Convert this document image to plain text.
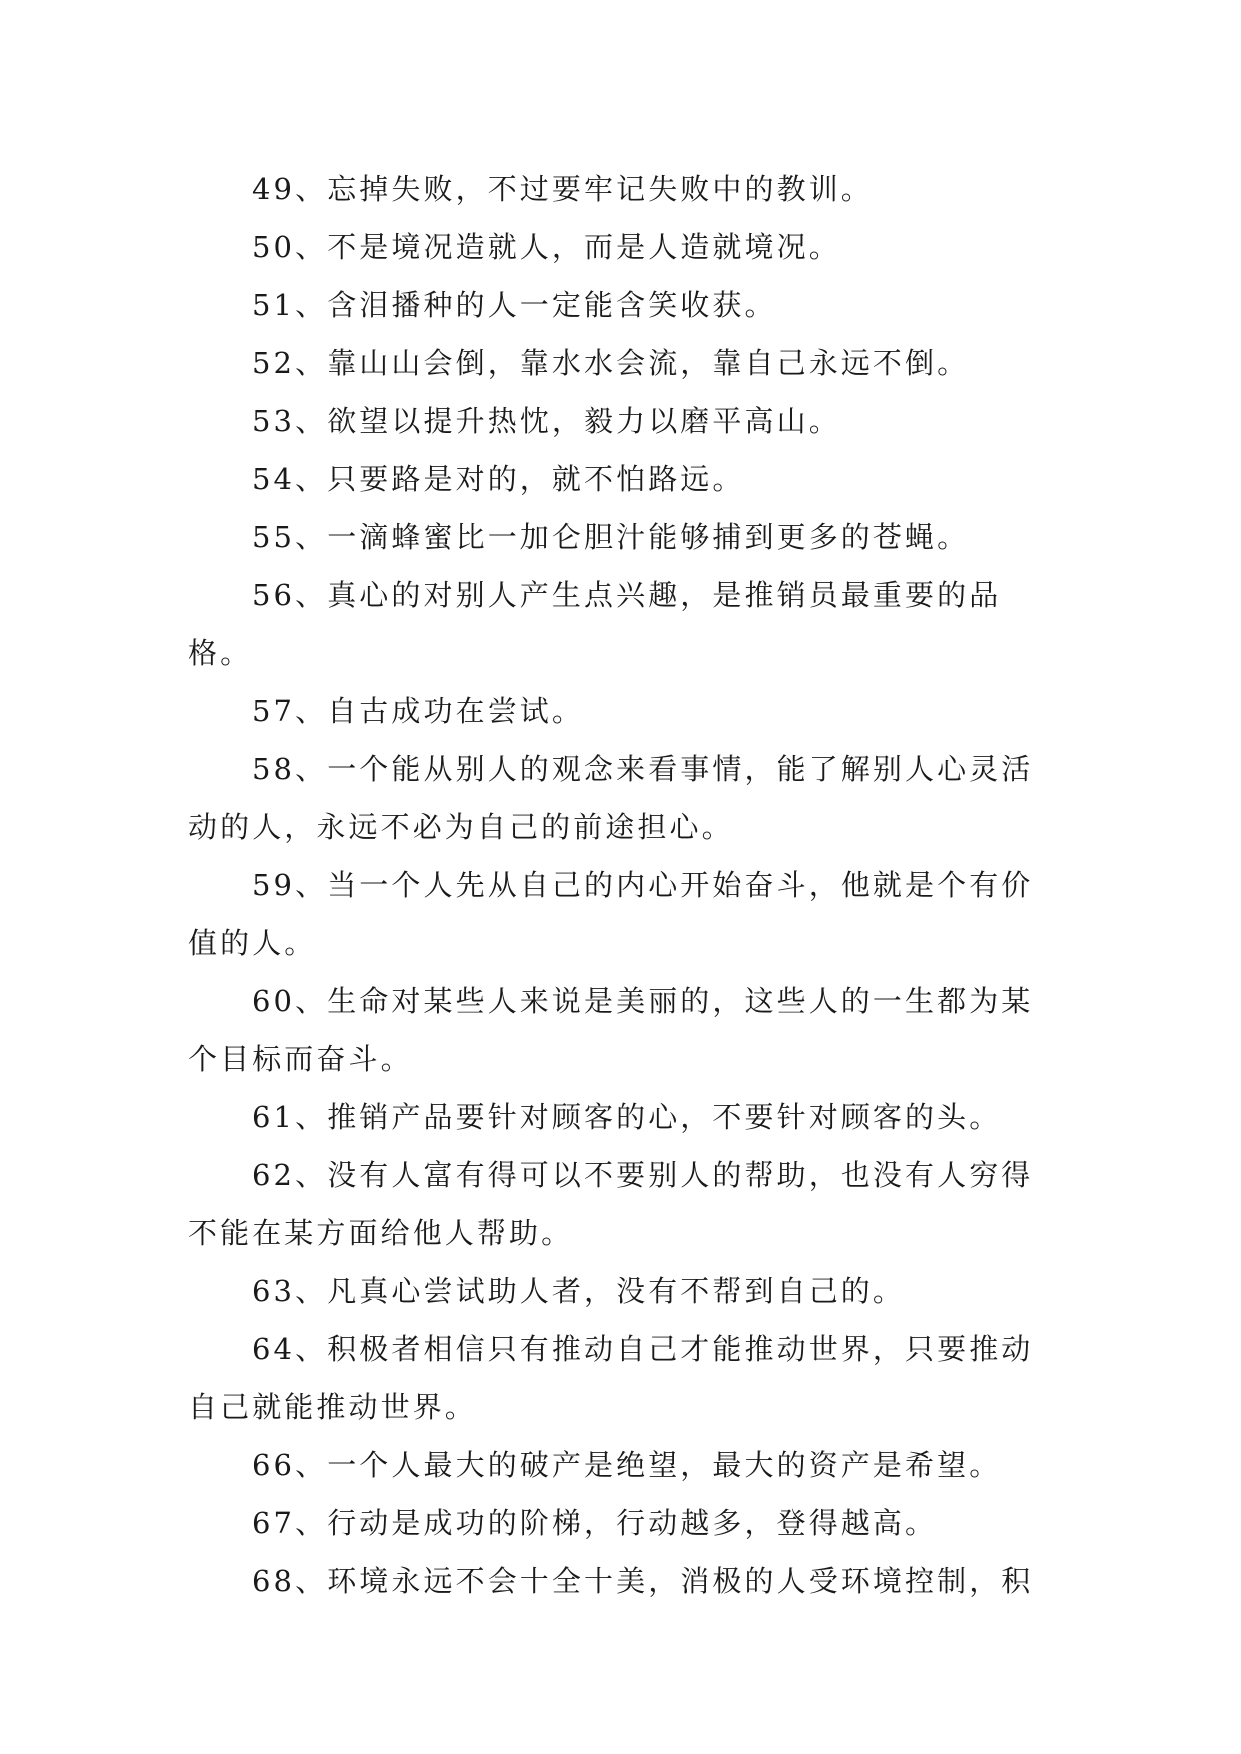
49、忘掉失败，不过要牢记失败中的教训。

50、不是境况造就人，而是人造就境况。

51、含泪播种的人一定能含笑收获。

52、靠山山会倒，靠水水会流，靠自己永远不倒。

53、欲望以提升热忱，毅力以磨平高山。

54、只要路是对的，就不怕路远。

55、一滴蜂蜜比一加仑胆汁能够捕到更多的苍蝇。

56、真心的对别人产生点兴趣，是推销员最重要的品格。

57、自古成功在尝试。

58、一个能从别人的观念来看事情，能了解别人心灵活动的人，永远不必为自己的前途担心。

59、当一个人先从自己的内心开始奋斗，他就是个有价值的人。

60、生命对某些人来说是美丽的，这些人的一生都为某个目标而奋斗。

61、推销产品要针对顾客的心，不要针对顾客的头。

62、没有人富有得可以不要别人的帮助，也没有人穷得不能在某方面给他人帮助。

63、凡真心尝试助人者，没有不帮到自己的。

64、积极者相信只有推动自己才能推动世界，只要推动自己就能推动世界。

66、一个人最大的破产是绝望，最大的资产是希望。

67、行动是成功的阶梯，行动越多，登得越高。

68、环境永远不会十全十美，消极的人受环境控制，积
